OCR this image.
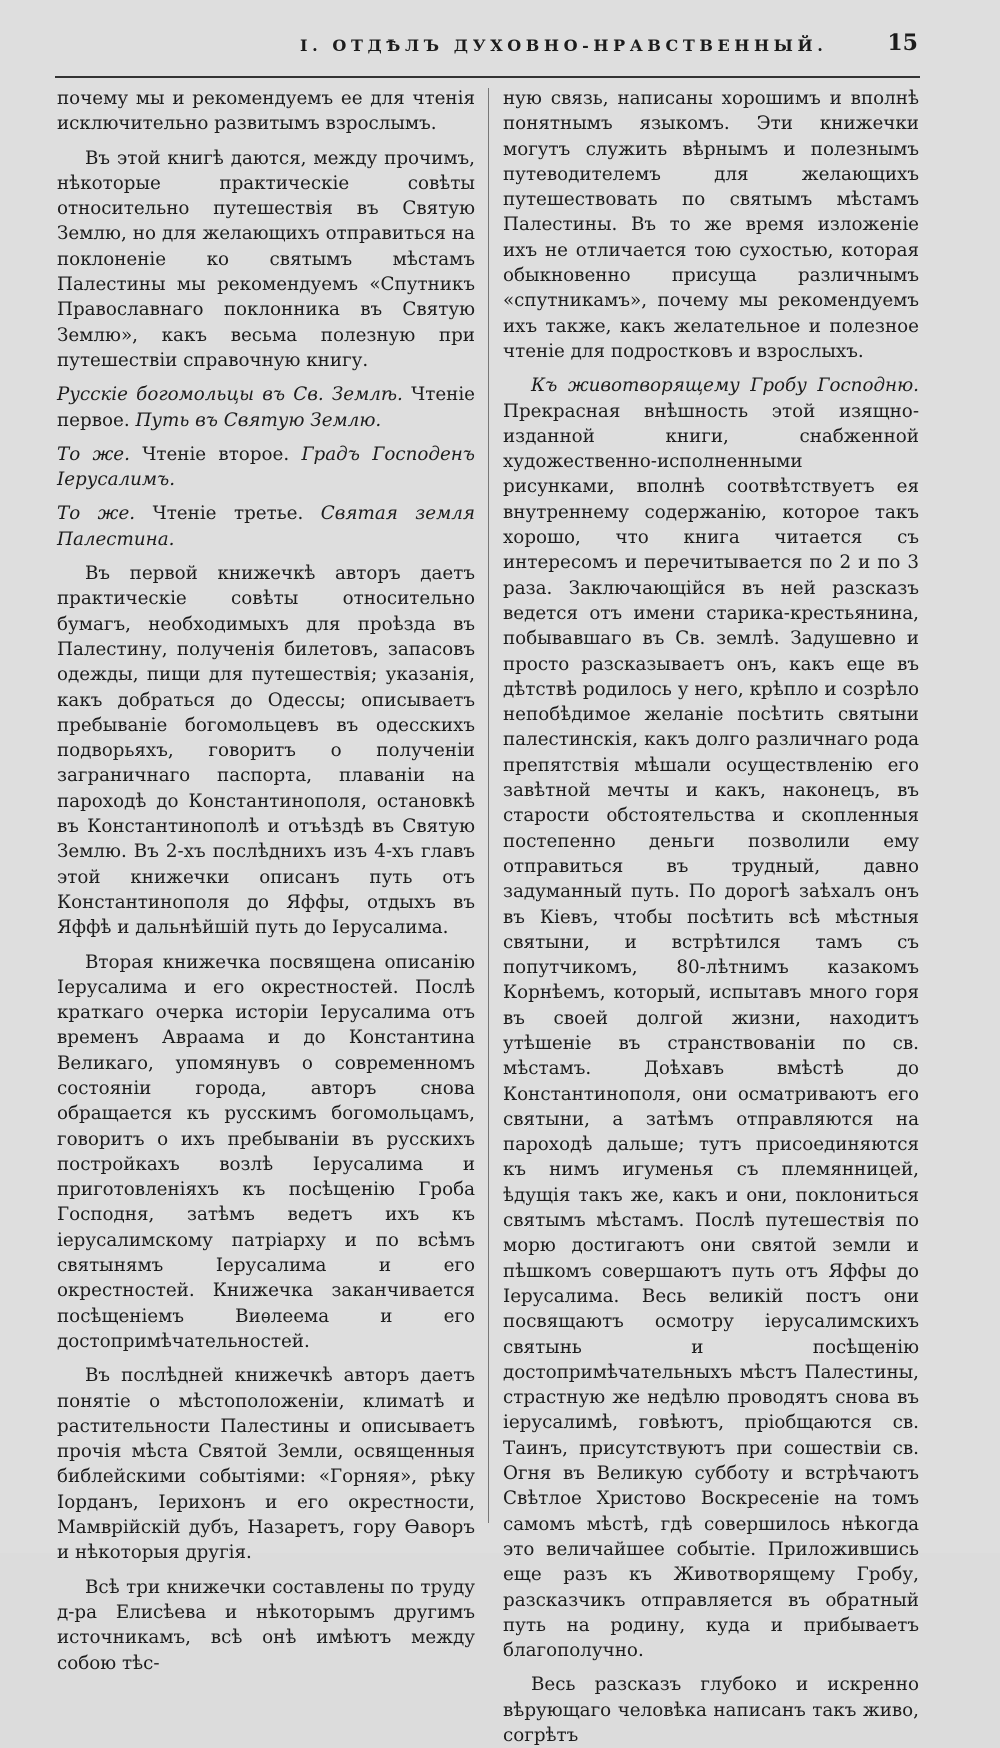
I. ОТДѢЛЪ ДУХОВНО-НРАВСТВЕННЫЙ.	15

почему мы и рекомендуемъ ее для чтенія исключительно развитымъ взрослымъ.

Въ этой книгѣ даются, между прочимъ, нѣкоторые практическіе совѣты относительно путешествія въ Святую Землю, но для желающихъ отправиться на поклоненіе ко святымъ мѣстамъ Палестины мы рекомендуемъ «Спутникъ Православнаго поклонника въ Святую Землю», какъ весьма полезную при путешествіи справочную книгу.

Русскіе богомольцы въ Св. Землѣ. Чтеніе первое. Путь въ Святую Землю.

То же. Чтеніе второе. Градъ Господенъ Іерусалимъ.

То же. Чтеніе третье. Святая земля Палестина.

Въ первой книжечкѣ авторъ даетъ практическіе совѣты относительно бумагъ, необходимыхъ для проѣзда въ Палестину, полученія билетовъ, запасовъ одежды, пищи для путешествія; указанія, какъ добраться до Одессы; описываетъ пребываніе богомольцевъ въ одесскихъ подворьяхъ, говоритъ о полученіи заграничнаго паспорта, плаваніи на пароходѣ до Константинополя, остановкѣ въ Константинополѣ и отъѣздѣ въ Святую Землю. Въ 2-хъ послѣднихъ изъ 4-хъ главъ этой книжечки описанъ путь отъ Константинополя до Яффы, отдыхъ въ Яффѣ и дальнѣйшій путь до Іерусалима.

Вторая книжечка посвящена описанію Іерусалима и его окрестностей. Послѣ краткаго очерка исторіи Іерусалима отъ временъ Авраама и до Константина Великаго, упомянувъ о современномъ состояніи города, авторъ снова обращается къ русскимъ богомольцамъ, говоритъ о ихъ пребываніи въ русскихъ постройкахъ возлѣ Іерусалима и приготовленіяхъ къ посѣщенію Гроба Господня, затѣмъ ведетъ ихъ къ іерусалимскому патріарху и по всѣмъ святынямъ Іерусалима и его окрестностей. Книжечка заканчивается посѣщеніемъ Виѳлеема и его достопримѣчательностей.

Въ послѣдней книжечкѣ авторъ даетъ понятіе о мѣстоположеніи, климатѣ и растительности Палестины и описываетъ прочія мѣста Святой Земли, освященныя библейскими событіями: «Горняя», рѣку Іорданъ, Іерихонъ и его окрестности, Мамврійскій дубъ, Назаретъ, гору Ѳаворъ и нѣкоторыя другія.

Всѣ три книжечки составлены по труду д-ра Елисѣева и нѣкоторымъ другимъ источникамъ, всѣ онѣ имѣютъ между собою тѣс-

ную связь, написаны хорошимъ и вполнѣ понятнымъ языкомъ. Эти книжечки могутъ служить вѣрнымъ и полезнымъ путеводителемъ для желающихъ путешествовать по святымъ мѣстамъ Палестины. Въ то же время изложеніе ихъ не отличается тою сухостью, которая обыкновенно присуща различнымъ «спутникамъ», почему мы рекомендуемъ ихъ также, какъ желательное и полезное чтеніе для подростковъ и взрослыхъ.

Къ животворящему Гробу Господню. Прекрасная внѣшность этой изящно-изданной книги, снабженной художественно-исполненными рисунками, вполнѣ соотвѣтствуетъ ея внутреннему содержанію, которое такъ хорошо, что книга читается съ интересомъ и перечитывается по 2 и по 3 раза. Заключающійся въ ней разсказъ ведется отъ имени старика-крестьянина, побывавшаго въ Св. землѣ. Задушевно и просто разсказываетъ онъ, какъ еще въ дѣтствѣ родилось у него, крѣпло и созрѣло непобѣдимое желаніе посѣтить святыни палестинскія, какъ долго различнаго рода препятствія мѣшали осуществленію его завѣтной мечты и какъ, наконецъ, въ старости обстоятельства и скопленныя постепенно деньги позволили ему отправиться въ трудный, давно задуманный путь. По дорогѣ заѣхалъ онъ въ Кіевъ, чтобы посѣтить всѣ мѣстныя святыни, и встрѣтился тамъ съ попутчикомъ, 80-лѣтнимъ казакомъ Корнѣемъ, который, испытавъ много горя въ своей долгой жизни, находитъ утѣшеніе въ странствованіи по св. мѣстамъ. Доѣхавъ вмѣстѣ до Константинополя, они осматриваютъ его святыни, а затѣмъ отправляются на пароходѣ дальше; тутъ присоединяются къ нимъ игуменья съ племянницей, ѣдущія такъ же, какъ и они, поклониться святымъ мѣстамъ. Послѣ путешествія по морю достигаютъ они святой земли и пѣшкомъ совершаютъ путь отъ Яффы до Іерусалима. Весь великій постъ они посвящаютъ осмотру іерусалимскихъ святынь и посѣщенію достопримѣчательныхъ мѣстъ Палестины, страстную же недѣлю проводятъ снова въ іерусалимѣ, говѣютъ, пріобщаются св. Таинъ, присутствуютъ при сошествіи св. Огня въ Великую субботу и встрѣчаютъ Свѣтлое Христово Воскресеніе на томъ самомъ мѣстѣ, гдѣ совершилось нѣкогда это величайшее событіе. Приложившись еще разъ къ Животворящему Гробу, разсказчикъ отправляется въ обратный путь на родину, куда и прибываетъ благополучно.

Весь разсказъ глубоко и искренно вѣрующаго человѣка написанъ такъ живо, согрѣтъ
